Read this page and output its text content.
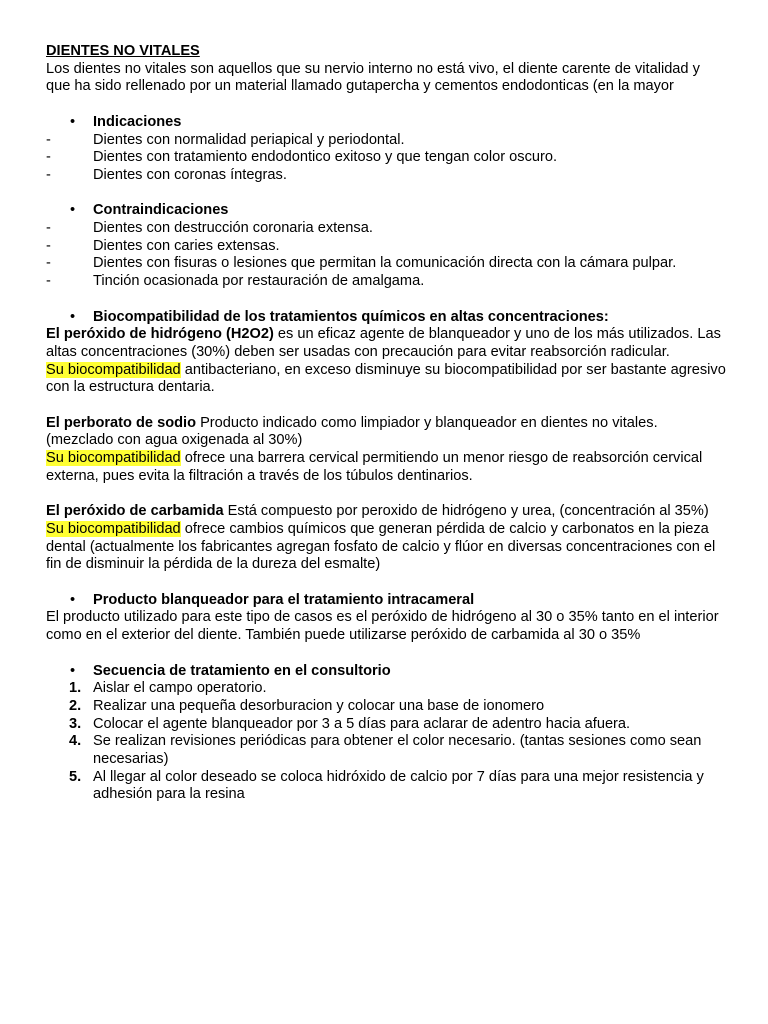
DIENTES NO VITALES

Los dientes no vitales son aquellos que su nervio interno no está vivo, el diente carente de vitalidad y que ha sido rellenado por un material llamado gutapercha y cementos endodonticas (en la mayor

• Indicaciones
-	Dientes con normalidad periapical y periodontal.
-	Dientes con tratamiento endodontico exitoso y que tengan color oscuro.
-	Dientes con coronas íntegras.
• Contraindicaciones
-	Dientes con destrucción coronaria extensa.
-	Dientes con caries extensas.
-	Dientes con fisuras o lesiones que permitan la comunicación directa con la cámara pulpar.
-	Tinción ocasionada por restauración de amalgama.
• Biocompatibilidad de los tratamientos químicos en altas concentraciones:

El peróxido de hidrógeno (H2O2) es un eficaz agente de blanqueador y uno de los más utilizados. Las altas concentraciones (30%) deben ser usadas con precaución para evitar reabsorción radicular.

Su biocompatibilidad antibacteriano, en exceso disminuye su biocompatibilidad por ser bastante agresivo con la estructura dentaria.

El perborato de sodio Producto indicado como limpiador y blanqueador en dientes no vitales. (mezclado con agua oxigenada al 30%)

Su biocompatibilidad ofrece una barrera cervical permitiendo un menor riesgo de reabsorción cervical externa, pues evita la filtración a través de los túbulos dentinarios.

El peróxido de carbamida Está compuesto por peroxido de hidrógeno y urea, (concentración al 35%)

Su biocompatibilidad ofrece cambios químicos que generan pérdida de calcio y carbonatos en la pieza dental (actualmente los fabricantes agregan fosfato de calcio y flúor en diversas concentraciones con el fin de disminuir la pérdida de la dureza del esmalte)

• Producto blanqueador para el tratamiento intracameral

El producto utilizado para este tipo de casos es el peróxido de hidrógeno al 30 o 35% tanto en el interior como en el exterior del diente. También puede utilizarse peróxido de carbamida al 30 o 35%

• Secuencia de tratamiento en el consultorio
1. Aislar el campo operatorio.
2. Realizar una pequeña desorburacion y colocar una base de ionomero
3. Colocar el agente blanqueador por 3 a 5 días para aclarar de adentro hacia afuera.
4. Se realizan revisiones periódicas para obtener el color necesario. (tantas sesiones como sean necesarias)
5. Al llegar al color deseado se coloca hidróxido de calcio por 7 días para una mejor resistencia y adhesión para la resina
